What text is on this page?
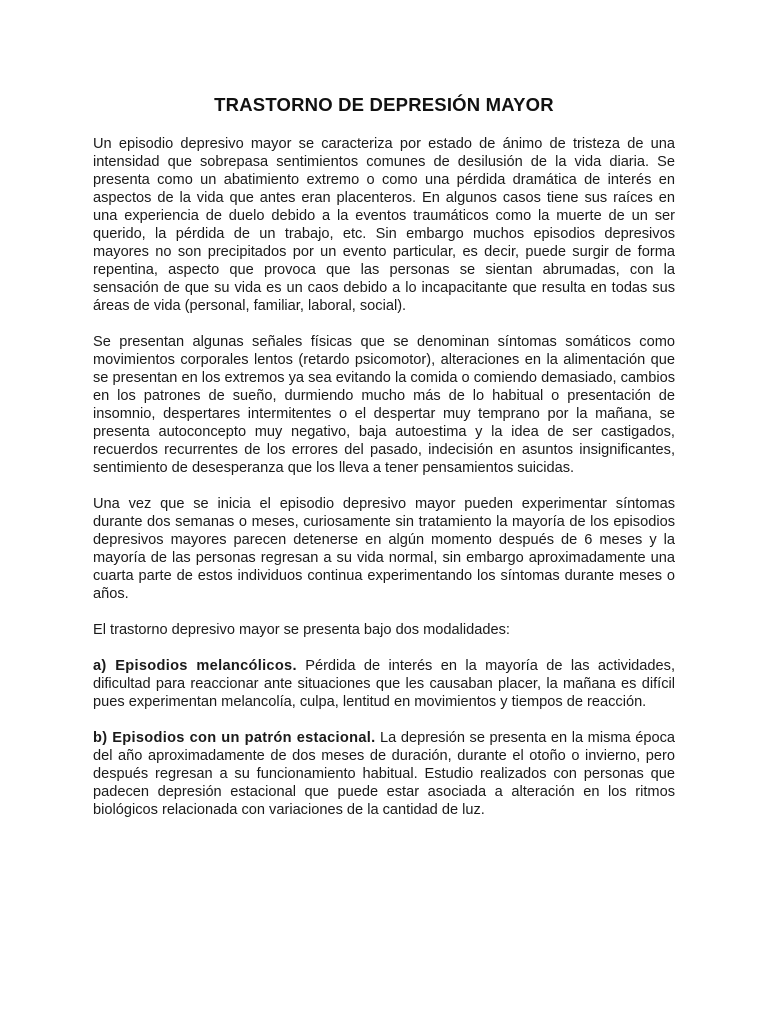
TRASTORNO DE DEPRESIÓN MAYOR

Un episodio depresivo mayor se caracteriza por estado de ánimo de tristeza de una intensidad que sobrepasa sentimientos comunes de desilusión de la vida diaria. Se presenta como un abatimiento extremo o como una pérdida dramática de interés en aspectos de la vida que antes eran placenteros. En algunos casos tiene sus raíces en una experiencia de duelo debido a la eventos traumáticos como la muerte de un ser querido, la pérdida de un trabajo, etc. Sin embargo muchos episodios depresivos mayores no son precipitados por un evento particular, es decir, puede surgir de forma repentina, aspecto que provoca que las personas se sientan abrumadas, con la sensación de que su vida es un caos debido a lo incapacitante que resulta en todas sus áreas de vida (personal, familiar, laboral, social).

Se presentan algunas señales físicas que se denominan síntomas somáticos como movimientos corporales lentos (retardo psicomotor), alteraciones en la alimentación que se presentan en los extremos ya sea evitando la comida o comiendo demasiado, cambios en los patrones de sueño, durmiendo mucho más de lo habitual o presentación de insomnio, despertares intermitentes o el despertar muy temprano por la mañana, se presenta autoconcepto muy negativo, baja autoestima y la idea de ser castigados, recuerdos recurrentes de los errores del pasado, indecisión en asuntos insignificantes, sentimiento de desesperanza que los lleva a tener pensamientos suicidas.

Una vez que se inicia el episodio depresivo mayor pueden experimentar síntomas durante dos semanas o meses, curiosamente sin tratamiento la mayoría de los episodios depresivos mayores parecen detenerse en algún momento después de 6 meses y la mayoría de las personas regresan a su vida normal, sin embargo aproximadamente una cuarta parte de estos individuos continua experimentando los síntomas durante meses o años.

El trastorno depresivo mayor se presenta bajo dos modalidades:

a) Episodios melancólicos. Pérdida de interés en la mayoría de las actividades, dificultad para reaccionar ante situaciones que les causaban placer, la mañana es difícil pues experimentan melancolía, culpa, lentitud en movimientos y tiempos de reacción.

b) Episodios con un patrón estacional. La depresión se presenta en la misma época del año aproximadamente de dos meses de duración, durante el otoño o invierno, pero después regresan a su funcionamiento habitual. Estudio realizados con personas que padecen depresión estacional que puede estar asociada a alteración en los ritmos biológicos relacionada con variaciones de la cantidad de luz.
